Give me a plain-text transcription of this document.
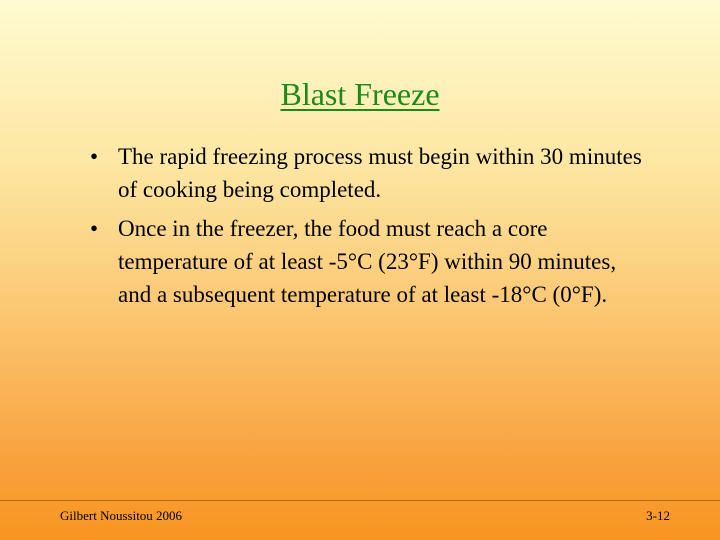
Blast Freeze
• The rapid freezing process must begin within 30 minutes of cooking being completed.
• Once in the freezer, the food must reach a core temperature of at least -5°C (23°F) within 90 minutes, and a subsequent temperature of at least -18°C (0°F).
Gilbert Noussitou 2006	3-12
